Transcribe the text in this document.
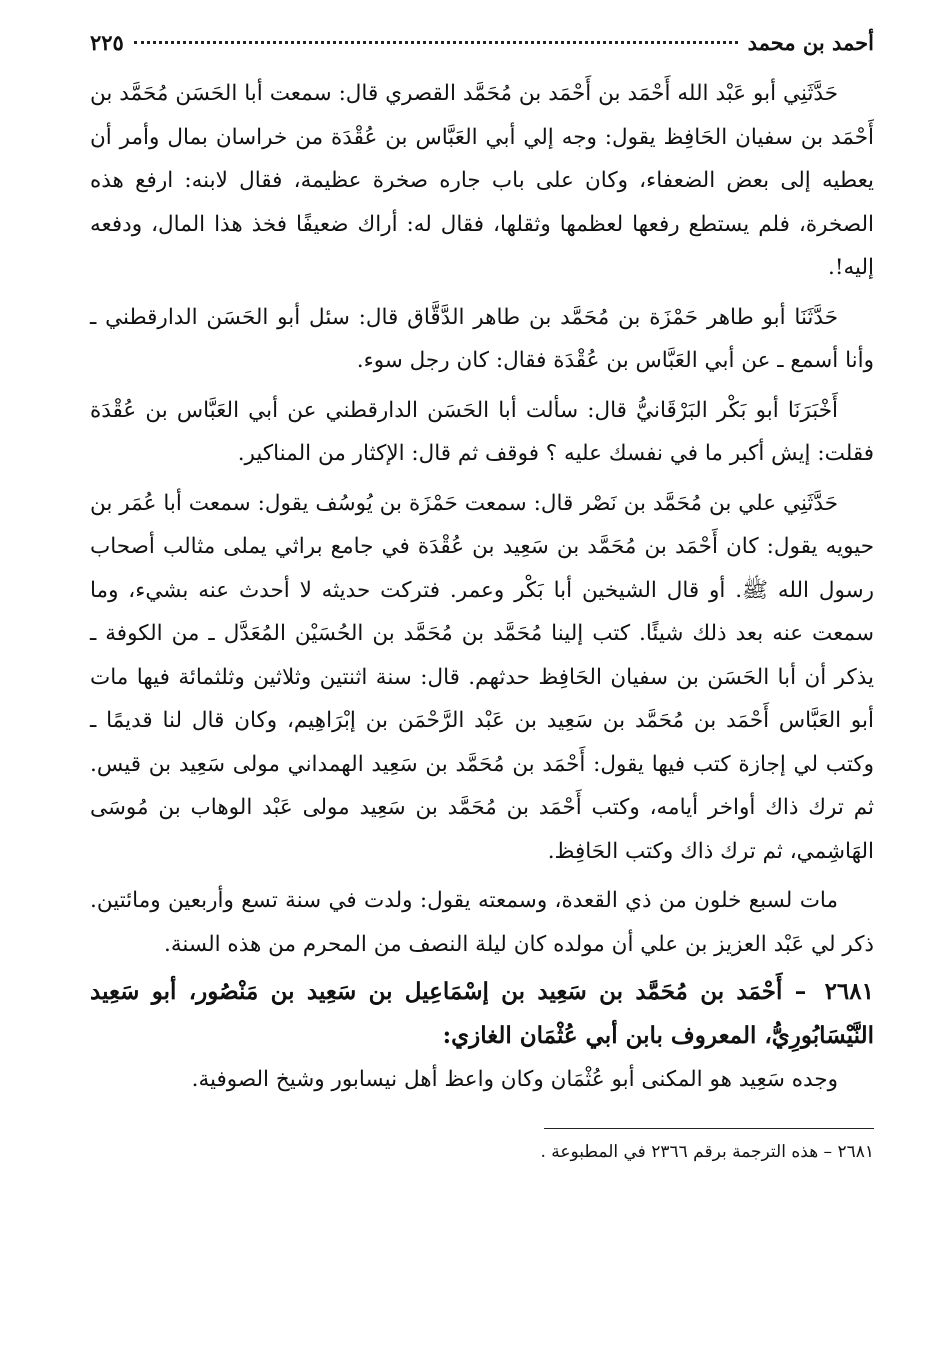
أحمد بن محمد
٢٢٥

حَدَّثَنِي أبو عَبْد الله أَحْمَد بن أَحْمَد بن مُحَمَّد القصري قال: سمعت أبا الحَسَن مُحَمَّد بن أَحْمَد بن سفيان الحَافِظ يقول: وجه إلي أبي العَبَّاس بن عُقْدَة من خراسان بمال وأمر أن يعطيه إلى بعض الضعفاء، وكان على باب جاره صخرة عظيمة، فقال لابنه: ارفع هذه الصخرة، فلم يستطع رفعها لعظمها وثقلها، فقال له: أراك ضعيفًا فخذ هذا المال، ودفعه إليه!.

حَدَّثَنَا أبو طاهر حَمْزَة بن مُحَمَّد بن طاهر الدَّقَّاق قال: سئل أبو الحَسَن الدارقطني ـ وأنا أسمع ـ عن أبي العَبَّاس بن عُقْدَة فقال: كان رجل سوء.

أَخْبَرَنَا أبو بَكْر البَرْقَانيُّ قال: سألت أبا الحَسَن الدارقطني عن أبي العَبَّاس بن عُقْدَة فقلت: إيش أكبر ما في نفسك عليه ؟ فوقف ثم قال: الإكثار من المناكير.

حَدَّثَنِي علي بن مُحَمَّد بن نَصْر قال: سمعت حَمْزَة بن يُوسُف يقول: سمعت أبا عُمَر بن حيويه يقول: كان أَحْمَد بن مُحَمَّد بن سَعِيد بن عُقْدَة في جامع براثي يملى مثالب أصحاب رسول الله ﷺ. أو قال الشيخين أبا بَكْر وعمر. فتركت حديثه لا أحدث عنه بشيء، وما سمعت عنه بعد ذلك شيئًا. كتب إلينا مُحَمَّد بن مُحَمَّد بن الحُسَيْن المُعَدَّل ـ من الكوفة ـ يذكر أن أبا الحَسَن بن سفيان الحَافِظ حدثهم. قال: سنة اثنتين وثلاثين وثلثمائة فيها مات أبو العَبَّاس أَحْمَد بن مُحَمَّد بن سَعِيد بن عَبْد الرَّحْمَن بن إبْرَاهِيم، وكان قال لنا قديمًا ـ وكتب لي إجازة كتب فيها يقول: أَحْمَد بن مُحَمَّد بن سَعِيد الهمداني مولى سَعِيد بن قيس. ثم ترك ذاك أواخر أيامه، وكتب أَحْمَد بن مُحَمَّد بن سَعِيد مولى عَبْد الوهاب بن مُوسَى الهَاشِمي، ثم ترك ذاك وكتب الحَافِظ.

مات لسبع خلون من ذي القعدة، وسمعته يقول: ولدت في سنة تسع وأربعين ومائتين. ذكر لي عَبْد العزيز بن علي أن مولده كان ليلة النصف من المحرم من هذه السنة.

٢٦٨١ – أَحْمَد بن مُحَمَّد بن سَعِيد بن إسْمَاعِيل بن سَعِيد بن مَنْصُور، أبو سَعِيد النَّيْسَابُورِيُّ، المعروف بابن أبي عُثْمَان الغازي:

وجده سَعِيد هو المكنى أبو عُثْمَان وكان واعظ أهل نيسابور وشيخ الصوفية.

٢٦٨١ – هذه الترجمة برقم ٢٣٦٦ في المطبوعة .
